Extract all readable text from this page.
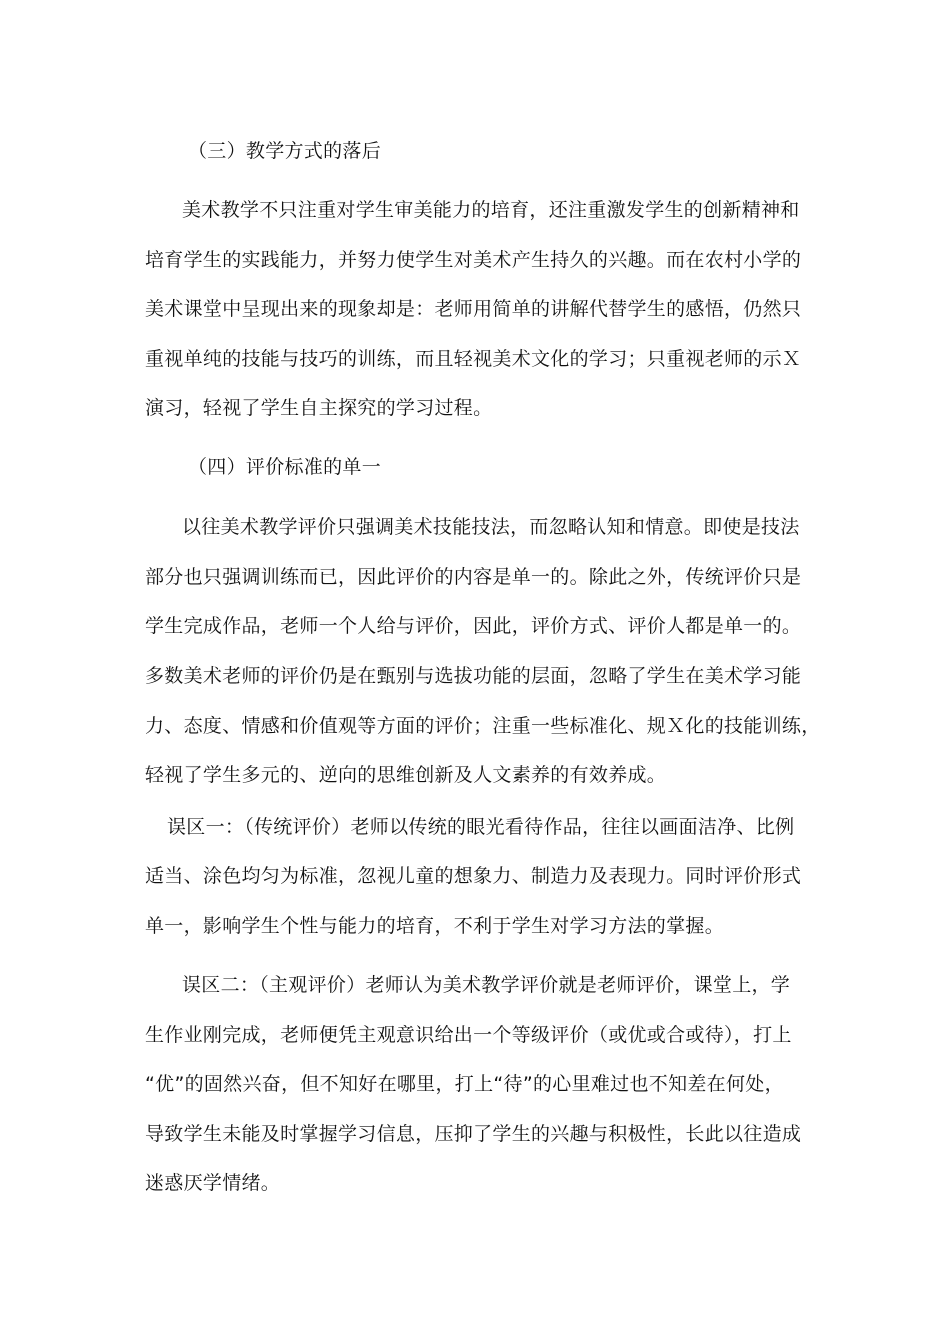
（三）教学方式的落后
美术教学不只注重对学生审美能力的培育，还注重激发学生的创新精神和
培育学生的实践能力，并努力使学生对美术产生持久的兴趣。而在农村小学的
美术课堂中呈现出来的现象却是：老师用简单的讲解代替学生的感悟，仍然只
重视单纯的技能与技巧的训练，而且轻视美术文化的学习；只重视老师的示Ｘ
演习，轻视了学生自主探究的学习过程。
（四）评价标准的单一
以往美术教学评价只强调美术技能技法，而忽略认知和情意。即使是技法
部分也只强调训练而已，因此评价的内容是单一的。除此之外，传统评价只是
学生完成作品，老师一个人给与评价，因此，评价方式、评价人都是单一的。
多数美术老师的评价仍是在甄别与选拔功能的层面，忽略了学生在美术学习能
力、态度、情感和价值观等方面的评价；注重一些标准化、规Ｘ化的技能训练，
轻视了学生多元的、逆向的思维创新及人文素养的有效养成。
误区一：（传统评价）老师以传统的眼光看待作品，往往以画面洁净、比例
适当、涂色均匀为标准，忽视儿童的想象力、制造力及表现力。同时评价形式
单一，影响学生个性与能力的培育，不利于学生对学习方法的掌握。
误区二：（主观评价）老师认为美术教学评价就是老师评价，课堂上，学
生作业刚完成，老师便凭主观意识给出一个等级评价（或优或合或待），打上
“优”的固然兴奋，但不知好在哪里，打上“待”的心里难过也不知差在何处，
导致学生未能及时掌握学习信息，压抑了学生的兴趣与积极性，长此以往造成
迷惑厌学情绪。
